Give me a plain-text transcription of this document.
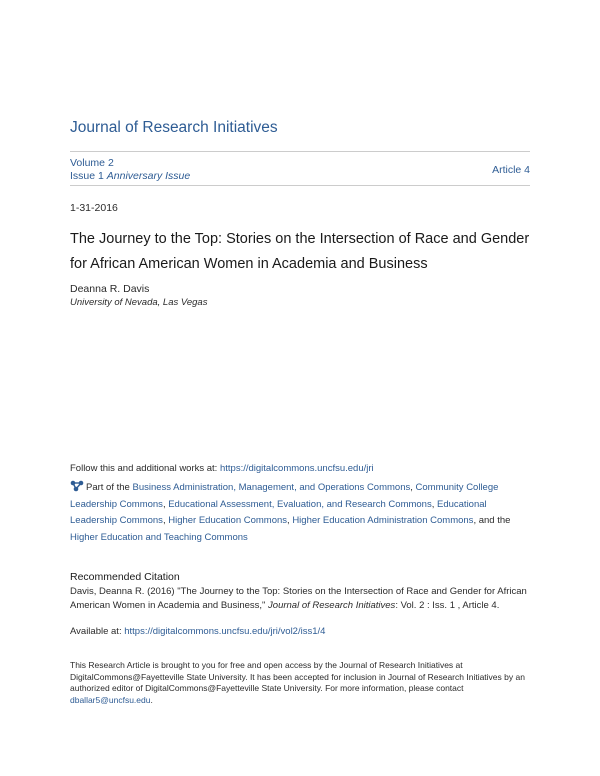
Journal of Research Initiatives
Volume 2
Issue 1 Anniversary Issue	Article 4
1-31-2016
The Journey to the Top: Stories on the Intersection of Race and Gender for African American Women in Academia and Business
Deanna R. Davis
University of Nevada, Las Vegas
Follow this and additional works at: https://digitalcommons.uncfsu.edu/jri
Part of the Business Administration, Management, and Operations Commons, Community College Leadership Commons, Educational Assessment, Evaluation, and Research Commons, Educational Leadership Commons, Higher Education Commons, Higher Education Administration Commons, and the Higher Education and Teaching Commons
Recommended Citation
Davis, Deanna R. (2016) "The Journey to the Top: Stories on the Intersection of Race and Gender for African American Women in Academia and Business," Journal of Research Initiatives: Vol. 2 : Iss. 1 , Article 4.
Available at: https://digitalcommons.uncfsu.edu/jri/vol2/iss1/4
This Research Article is brought to you for free and open access by the Journal of Research Initiatives at DigitalCommons@Fayetteville State University. It has been accepted for inclusion in Journal of Research Initiatives by an authorized editor of DigitalCommons@Fayetteville State University. For more information, please contact dballar5@uncfsu.edu.
